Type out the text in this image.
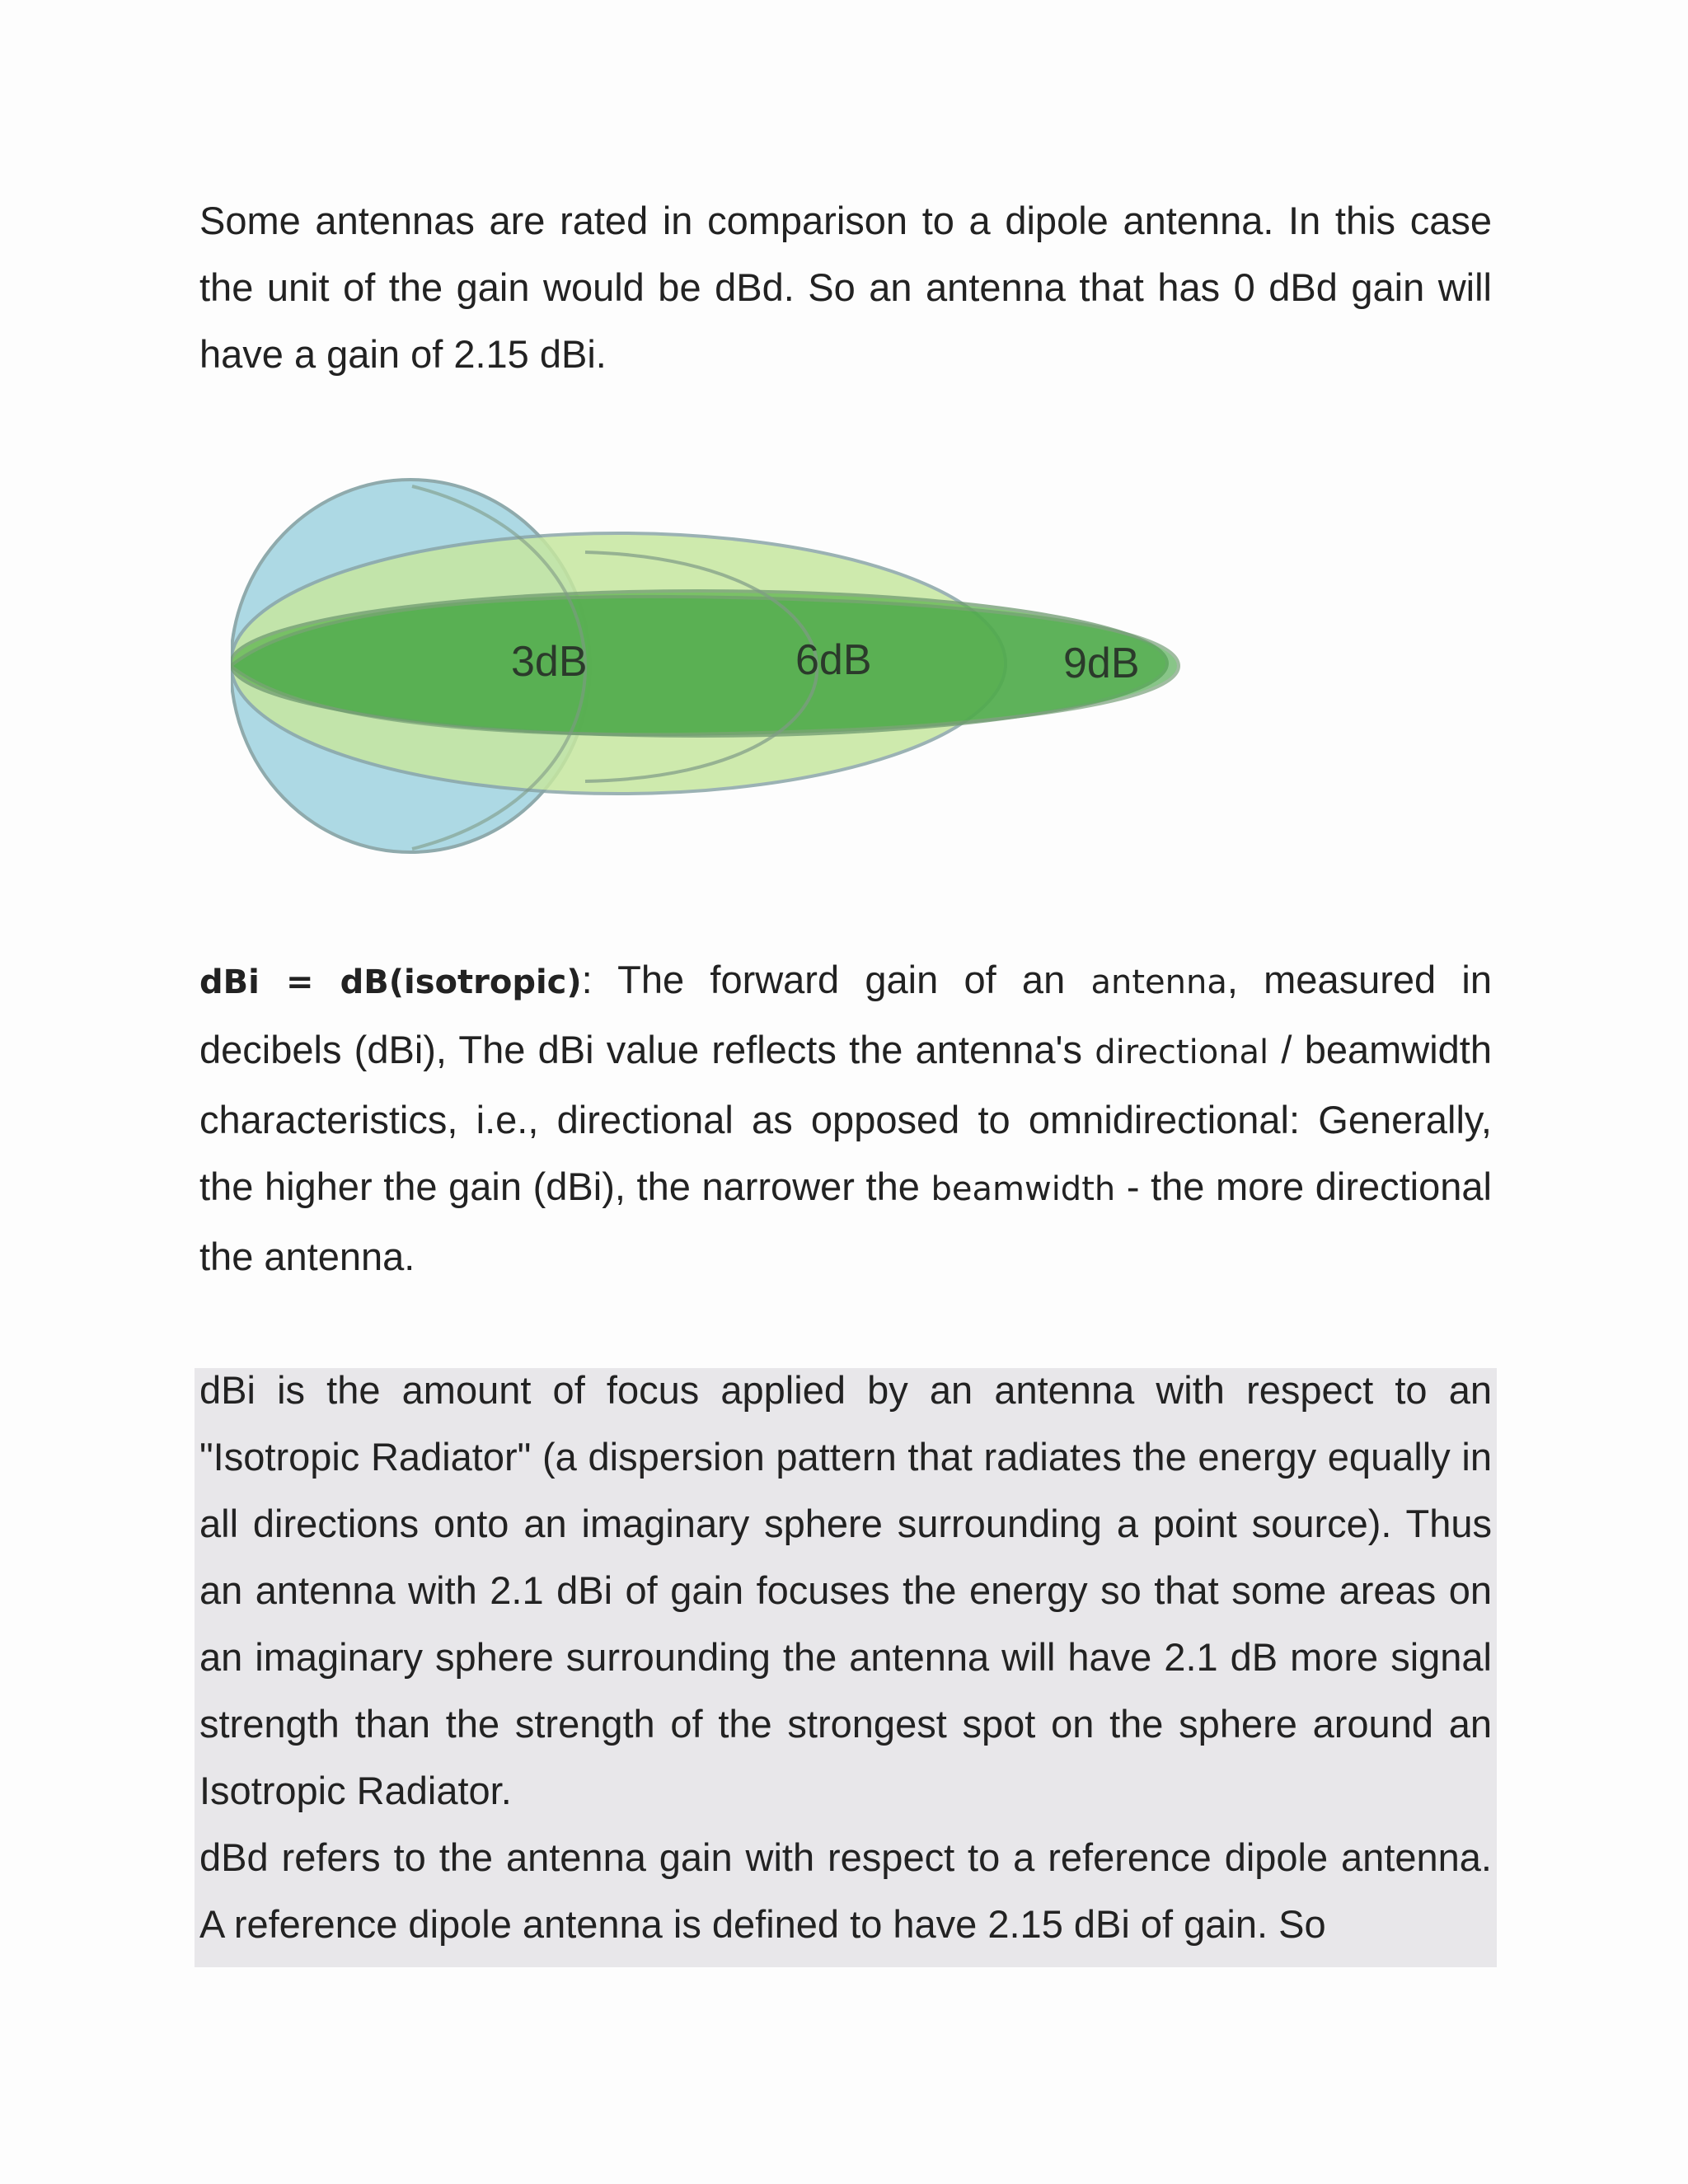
Some antennas are rated in comparison to a dipole antenna. In this case the unit of the gain would be dBd. So an antenna that has 0 dBd gain will have a gain of 2.15 dBi.

3dB	6dB	9dB

dBi = dB(isotropic): The forward gain of an antenna, measured in decibels (dBi), The dBi value reflects the antenna's directional / beamwidth characteristics, i.e., directional as opposed to omnidirectional: Generally, the higher the gain (dBi), the narrower the beamwidth - the more directional the antenna.

dBi is the amount of focus applied by an antenna with respect to an "Isotropic Radiator" (a dispersion pattern that radiates the energy equally in all directions onto an imaginary sphere surrounding a point source). Thus an antenna with 2.1 dBi of gain focuses the energy so that some areas on an imaginary sphere surrounding the antenna will have 2.1 dB more signal strength than the strength of the strongest spot on the sphere around an Isotropic Radiator.

dBd refers to the antenna gain with respect to a reference dipole antenna. A reference dipole antenna is defined to have 2.15 dBi of gain. So
